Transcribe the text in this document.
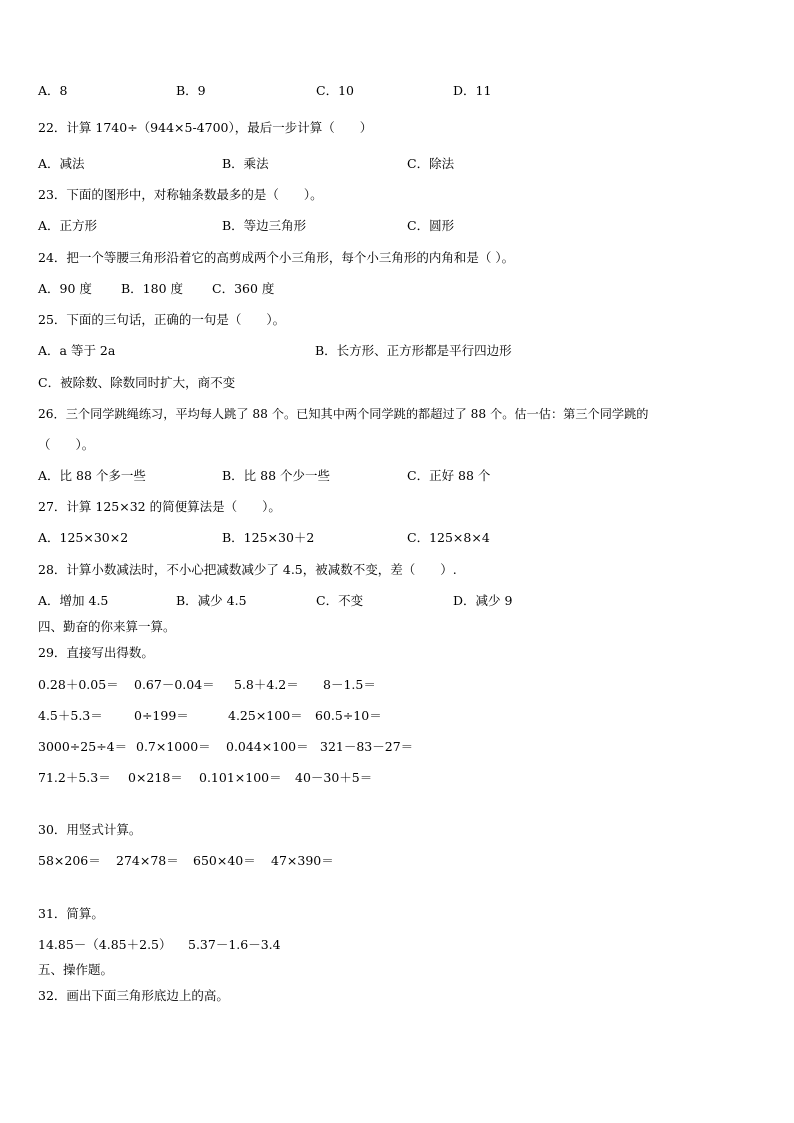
A．8	B．9	C．10	D．11
22．计算 1740÷（944×5-4700），最后一步计算（　　）
A．减法	B．乘法	C．除法
23．下面的图形中，对称轴条数最多的是（　　）。
A．正方形	B．等边三角形	C．圆形
24．把一个等腰三角形沿着它的高剪成两个小三角形，每个小三角形的内角和是（ ）。
A．90 度 B．180 度 C．360 度
25．下面的三句话，正确的一句是（　　）。
A．a 等于 2a	B．长方形、正方形都是平行四边形
C．被除数、除数同时扩大，商不变
26．三个同学跳绳练习，平均每人跳了 88 个。已知其中两个同学跳的都超过了 88 个。估一估：第三个同学跳的
（　　）。
A．比 88 个多一些	B．比 88 个少一些	C．正好 88 个
27．计算 125×32 的简便算法是（　　）。
A．125×30×2	B．125×30＋2	C．125×8×4
28．计算小数减法时，不小心把减数减少了 4.5，被减数不变，差（　　）.
A．增加 4.5	B．减少 4.5	C．不变	D．减少 9
四、勤奋的你来算一算。
29．直接写出得数。
0.28＋0.05＝ 0.67－0.04＝ 5.8＋4.2＝ 8－1.5＝
4.5＋5.3＝ 0÷199＝	4.25×100＝ 60.5÷10＝
3000÷25÷4＝ 0.7×1000＝ 0.044×100＝ 321－83－27＝
71.2＋5.3＝ 0×218＝ 0.101×100＝ 40－30＋5＝
30．用竖式计算。
58×206＝ 274×78＝ 650×40＝ 47×390＝
31．简算。
14.85－（4.85＋2.5） 5.37－1.6－3.4
五、操作题。
32．画出下面三角形底边上的高。
